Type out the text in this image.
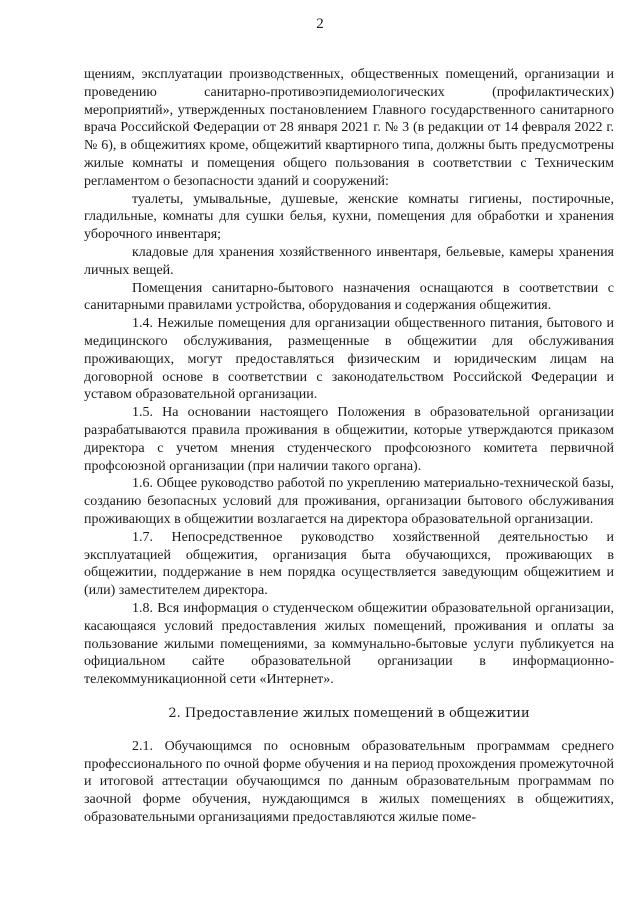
2

щениям, эксплуатации производственных, общественных помещений, организации и проведению санитарно-противоэпидемиологических (профилактических) мероприятий», утвержденных постановлением Главного государственного санитарного врача Российской Федерации от 28 января 2021 г. № 3 (в редакции от 14 февраля 2022 г. № 6), в общежитиях кроме, общежитий квартирного типа, должны быть предусмотрены жилые комнаты и помещения общего пользования в соответствии с Техническим регламентом о безопасности зданий и сооружений:

туалеты, умывальные, душевые, женские комнаты гигиены, постирочные, гладильные, комнаты для сушки белья, кухни, помещения для обработки и хранения уборочного инвентаря;

кладовые для хранения хозяйственного инвентаря, бельевые, камеры хранения личных вещей.

Помещения санитарно-бытового назначения оснащаются в соответствии с санитарными правилами устройства, оборудования и содержания общежития.

1.4. Нежилые помещения для организации общественного питания, бытового и медицинского обслуживания, размещенные в общежитии для обслуживания проживающих, могут предоставляться физическим и юридическим лицам на договорной основе в соответствии с законодательством Российской Федерации и уставом образовательной организации.

1.5. На основании настоящего Положения в образовательной организации разрабатываются правила проживания в общежитии, которые утверждаются приказом директора с учетом мнения студенческого профсоюзного комитета первичной профсоюзной организации (при наличии такого органа).

1.6. Общее руководство работой по укреплению материально-технической базы, созданию безопасных условий для проживания, организации бытового обслуживания проживающих в общежитии возлагается на директора образовательной организации.

1.7. Непосредственное руководство хозяйственной деятельностью и эксплуатацией общежития, организация быта обучающихся, проживающих в общежитии, поддержание в нем порядка осуществляется заведующим общежитием и (или) заместителем директора.

1.8. Вся информация о студенческом общежитии образовательной организации, касающаяся условий предоставления жилых помещений, проживания и оплаты за пользование жилыми помещениями, за коммунально-бытовые услуги публикуется на официальном сайте образовательной организации в информационно-телекоммуникационной сети «Интернет».

2. Предоставление жилых помещений в общежитии

2.1. Обучающимся по основным образовательным программам среднего профессионального по очной форме обучения и на период прохождения промежуточной и итоговой аттестации обучающимся по данным образовательным программам по заочной форме обучения, нуждающимся в жилых помещениях в общежитиях, образовательными организациями предоставляются жилые поме-
